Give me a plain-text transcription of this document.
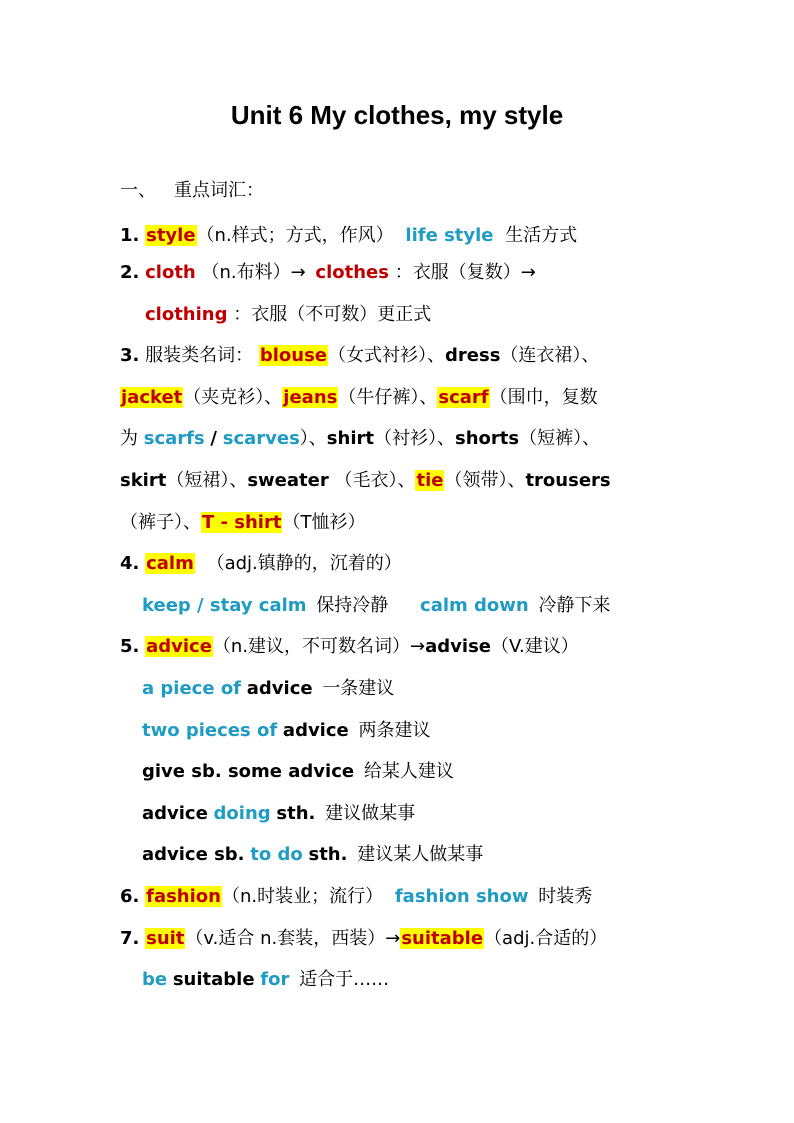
Unit 6 My clothes, my style
一、 重点词汇：
1. style（n.样式；方式，作风） life style 生活方式
2. cloth （n.布料）→ clothes ：衣服（复数）→
clothing ：衣服（不可数）更正式
3. 服装类名词： blouse（女式衬衫）、dress（连衣裙）、
jacket（夹克衫）、jeans（牛仔裤）、scarf（围巾，复数
为 scarfs / scarves）、shirt（衬衫）、shorts（短裤）、
skirt（短裙）、sweater （毛衣）、tie（领带）、trousers
（裤子）、T - shirt（T恤衫）
4. calm （adj.镇静的，沉着的）
keep / stay calm 保持冷静 calm down 冷静下来
5. advice（n.建议，不可数名词）→advise（V.建议）
a piece of advice 一条建议
two pieces of advice 两条建议
give sb. some advice 给某人建议
advice doing sth. 建议做某事
advice sb. to do sth. 建议某人做某事
6. fashion（n.时装业；流行） fashion show 时装秀
7. suit（v.适合 n.套装，西装）→suitable（adj.合适的）
be suitable for 适合于……
